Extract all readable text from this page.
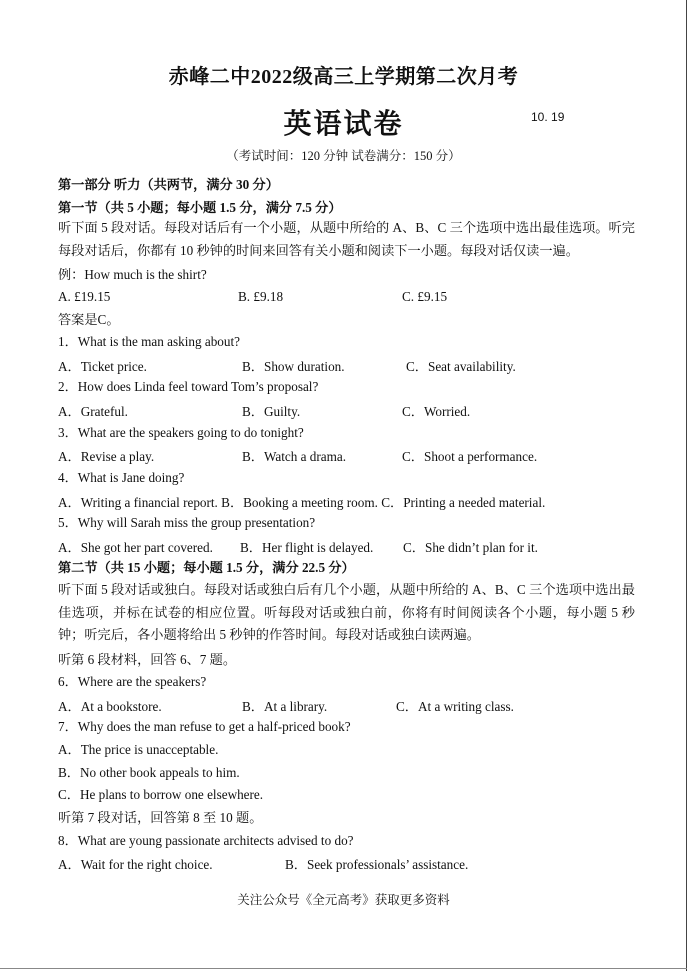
赤峰二中2022级高三上学期第二次月考
英语试卷	10. 19
（考试时间：120 分钟 试卷满分：150 分）
第一部分 听力（共两节，满分 30 分）
第一节（共 5 小题；每小题 1.5 分，满分 7.5 分）
听下面 5 段对话。每段对话后有一个小题，从题中所给的 A、B、C 三个选项中选出最佳选项。听完每段对话后，你都有 10 秒钟的时间来回答有关小题和阅读下一小题。每段对话仅读一遍。
例：How much is the shirt?
A. £19.15	B. £9.18	C. £9.15
答案是C。
1．What is the man asking about?
A．Ticket price.	B．Show duration.	C．Seat availability.
2．How does Linda feel toward Tom’s proposal?
A．Grateful.	B．Guilty.	C．Worried.
3．What are the speakers going to do tonight?
A．Revise a play.	B．Watch a drama.	C．Shoot a performance.
4．What is Jane doing?
A．Writing a financial report. B．Booking a meeting room. C．Printing a needed material.
5．Why will Sarah miss the group presentation?
A．She got her part covered. B．Her flight is delayed. C．She didn’t plan for it.
第二节（共 15 小题；每小题 1.5 分，满分 22.5 分）
听下面 5 段对话或独白。每段对话或独白后有几个小题，从题中所给的 A、B、C 三个选项中选出最佳选项，并标在试卷的相应位置。听每段对话或独白前，你将有时间阅读各个小题，每小题 5 秒钟；听完后，各小题将给出 5 秒钟的作答时间。每段对话或独白读两遍。
听第 6 段材料，回答 6、7 题。
6．Where are the speakers?
A．At a bookstore.	B．At a library.	C．At a writing class.
7．Why does the man refuse to get a half-priced book?
A．The price is unacceptable.
B．No other book appeals to him.
C．He plans to borrow one elsewhere.
听第 7 段对话，回答第 8 至 10 题。
8．What are young passionate architects advised to do?
A．Wait for the right choice.	B．Seek professionals’ assistance.
关注公众号《全元高考》获取更多资料
